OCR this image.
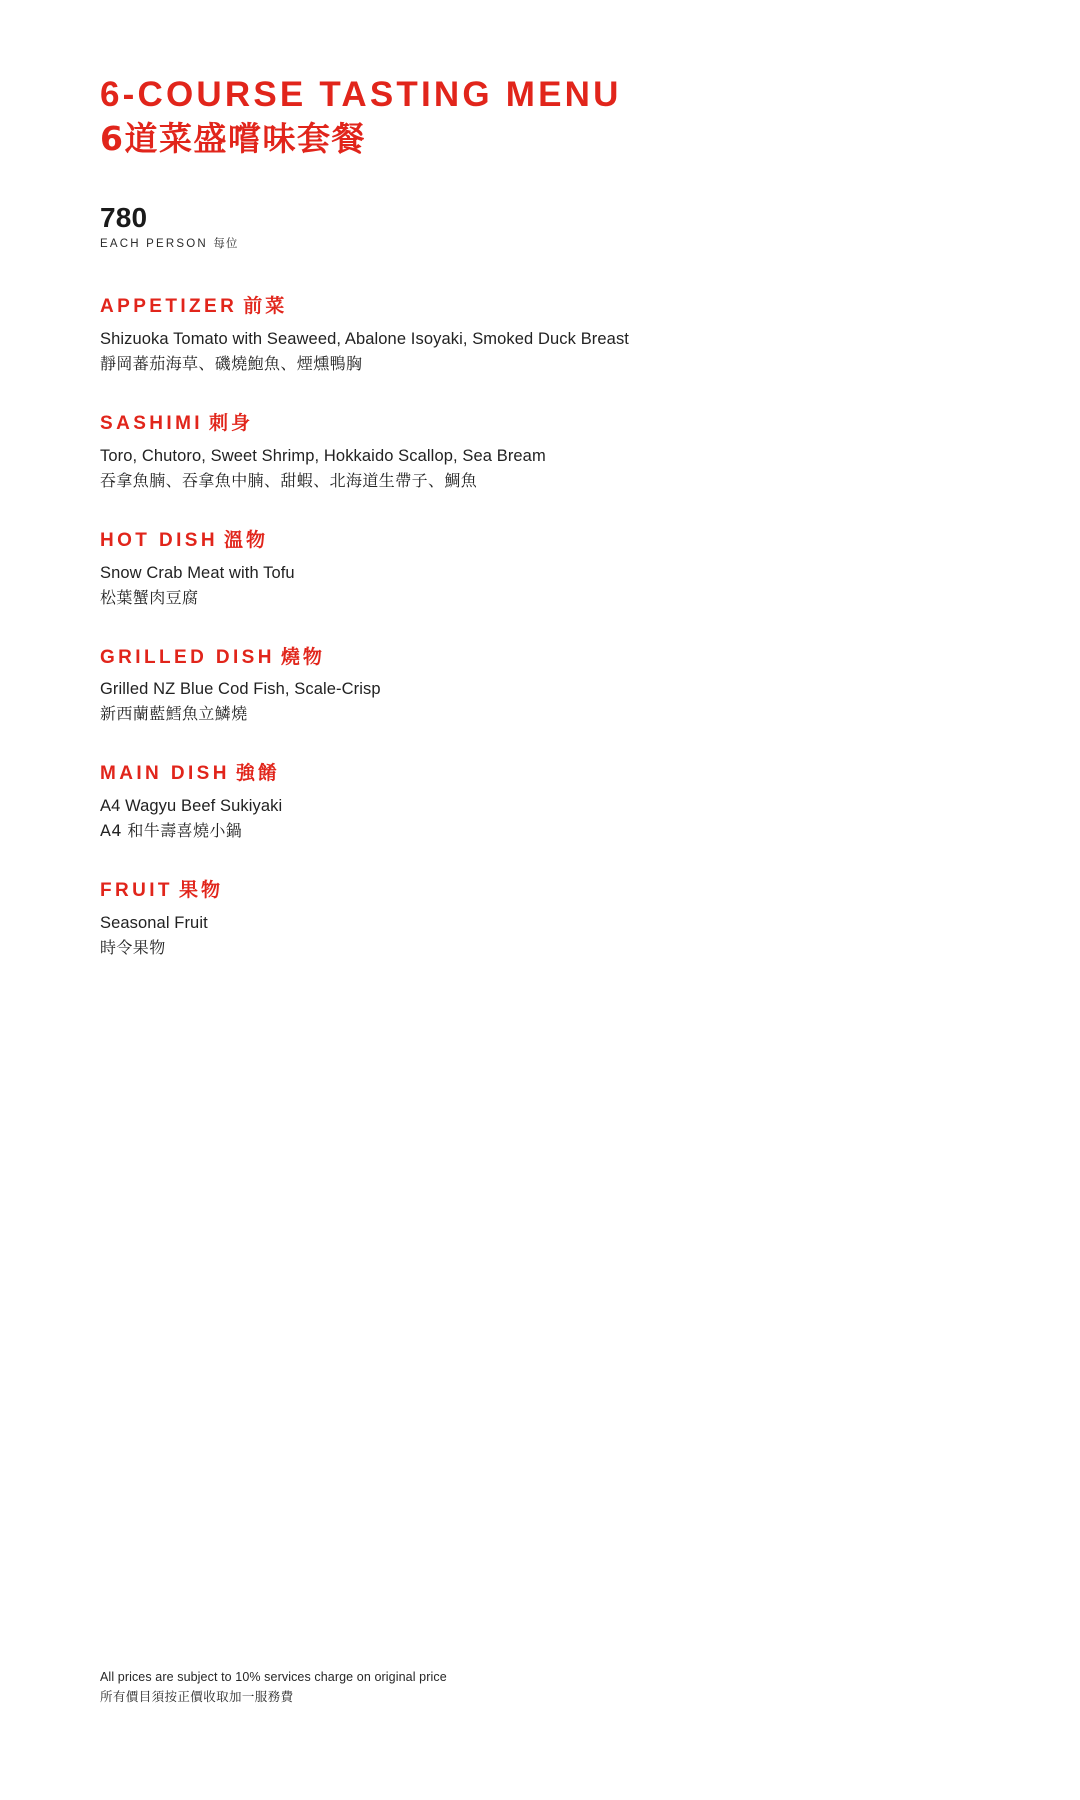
6-COURSE TASTING MENU
6道菜盛嚐味套餐
780
EACH PERSON 每位
APPETIZER 前菜
Shizuoka Tomato with Seaweed, Abalone Isoyaki, Smoked Duck Breast
靜岡蕃茄海草、磯燒鮑魚、煙燻鴨胸
SASHIMI 刺身
Toro, Chutoro, Sweet Shrimp, Hokkaido Scallop, Sea Bream
吞拿魚腩、吞拿魚中腩、甜蝦、北海道生帶子、鯛魚
HOT DISH 溫物
Snow Crab Meat with Tofu
松葉蟹肉豆腐
GRILLED DISH 燒物
Grilled NZ Blue Cod Fish, Scale-Crisp
新西蘭藍鱈魚立鱗燒
MAIN DISH 強餚
A4 Wagyu Beef Sukiyaki
A4 和牛壽喜燒小鍋
FRUIT 果物
Seasonal Fruit
時令果物
All prices are subject to 10% services charge on original price
所有價目須按正價收取加一服務費
